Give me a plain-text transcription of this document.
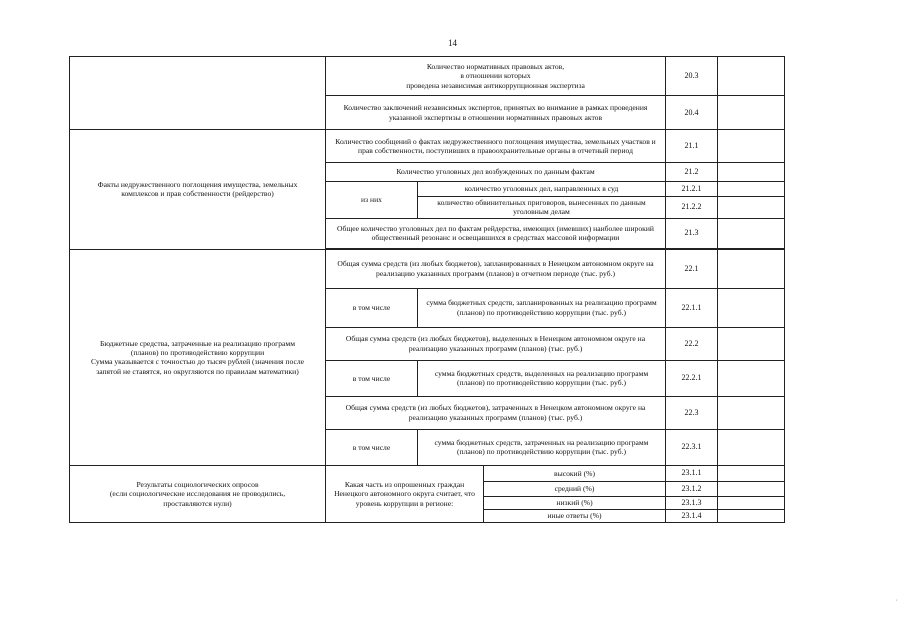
14

	Количество нормативных правовых актов,
в отношении которых
проведена независимая антикоррупционная экспертиза			20.3	
	Количество заключений независимых экспертов, принятых во внимание в рамках проведения указанной экспертизы в отношении нормативных правовых актов			20.4	

Факты недружественного поглощения имущества, земельных
комплексов и прав собственности (рейдерство)	Количество сообщений о фактах недружественного поглощения имущества, земельных участков и прав собственности, поступивших в правоохранительные органы в отчетный период			21.1	
	Количество уголовных дел возбужденных по данным фактам			21.2	
	из них	количество уголовных дел, направленных в суд		21.2.1	
		количество обвинительных приговоров, вынесенных по данным уголовным делам		21.2.2	
	Общее количество уголовных дел по фактам рейдерства, имеющих (имевших) наиболее широкий общественный резонанс и освещавшихся в средствах массовой информации			21.3	

Бюджетные средства, затраченные на реализацию программ
(планов) по противодействию коррупции
Сумма указывается с точностью до тысяч рублей (значения после
запятой не ставятся, но округляются по правилам математики)	Общая сумма средств (из любых бюджетов), запланированных в Ненецком автономном округе на реализацию указанных программ (планов) в отчетном периоде (тыс. руб.)			22.1	
	в том числе	сумма бюджетных средств, запланированных на реализацию программ (планов) по противодействию коррупции (тыс. руб.)		22.1.1	
	Общая сумма средств (из любых бюджетов), выделенных в Ненецком автономном округе на реализацию указанных программ (планов) (тыс. руб.)			22.2	
	в том числе	сумма бюджетных средств, выделенных на реализацию программ (планов) по противодействию коррупции (тыс. руб.)		22.2.1	
	Общая сумма средств (из любых бюджетов), затраченных в Ненецком автономном округе на реализацию указанных программ (планов) (тыс. руб.)			22.3	
	в том числе	сумма бюджетных средств, затраченных на реализацию программ (планов) по противодействию коррупции (тыс. руб.)		22.3.1	

Результаты социологических опросов
(если социологические исследования не проводились,
проставляются нули)	Какая часть из опрошенных граждан Ненецкого автономного округа считает, что уровень коррупции в регионе:		высокий (%)	23.1.1	
			средний (%)	23.1.2	
			низкий (%)	23.1.3	
			иные ответы (%)	23.1.4	
,
